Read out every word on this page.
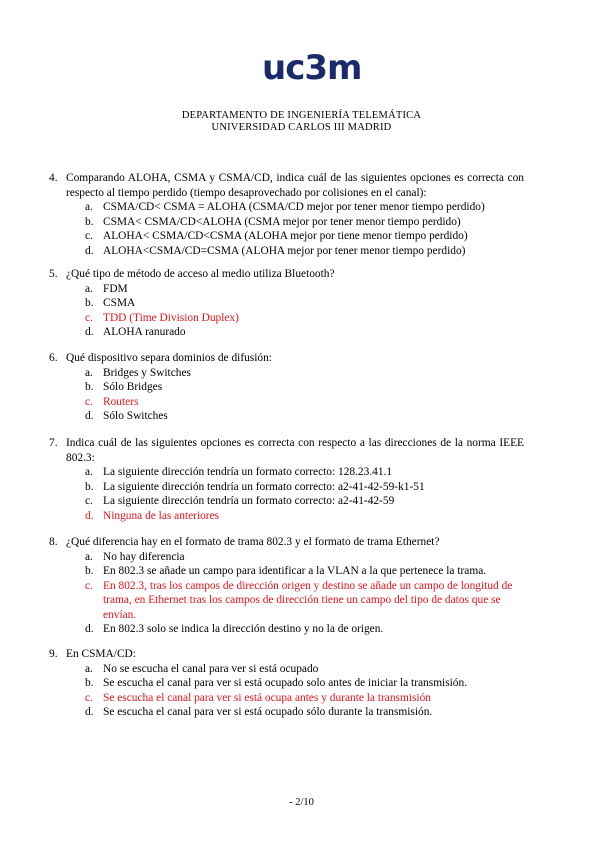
uc3m
DEPARTAMENTO DE INGENIERÍA TELEMÁTICA
UNIVERSIDAD CARLOS III MADRID
4. Comparando ALOHA, CSMA y CSMA/CD, indica cuál de las siguientes opciones es correcta con respecto al tiempo perdido (tiempo desaprovechado por colisiones en el canal):
a. CSMA/CD< CSMA = ALOHA (CSMA/CD mejor por tener menor tiempo perdido)
b. CSMA< CSMA/CD<ALOHA (CSMA mejor por tener menor tiempo perdido)
c. ALOHA< CSMA/CD<CSMA (ALOHA mejor por tiene menor tiempo perdido)
d. ALOHA<CSMA/CD=CSMA (ALOHA mejor por tener menor tiempo perdido)
5. ¿Qué tipo de método de acceso al medio utiliza Bluetooth?
a. FDM
b. CSMA
c. TDD (Time Division Duplex)
d. ALOHA ranurado
6. Qué dispositivo separa dominios de difusión:
a. Bridges y Switches
b. Sólo Bridges
c. Routers
d. Sólo Switches
7. Indica cuál de las siguientes opciones es correcta con respecto a las direcciones de la norma IEEE 802.3:
a. La siguiente dirección tendría un formato correcto: 128.23.41.1
b. La siguiente dirección tendría un formato correcto: a2-41-42-59-k1-51
c. La siguiente dirección tendría un formato correcto: a2-41-42-59
d. Ninguna de las anteriores
8. ¿Qué diferencia hay en el formato de trama 802.3 y el formato de trama Ethernet?
a. No hay diferencia
b. En 802.3 se añade un campo para identificar a la VLAN a la que pertenece la trama.
c. En 802.3, tras los campos de dirección origen y destino se añade un campo de longitud de trama, en Ethernet tras los campos de dirección tiene un campo del tipo de datos que se envían.
d. En 802.3 solo se indica la dirección destino y no la de origen.
9. En CSMA/CD:
a. No se escucha el canal para ver si está ocupado
b. Se escucha el canal para ver si está ocupado solo antes de iniciar la transmisión.
c. Se escucha el canal para ver si está ocupa antes y durante la transmisión
d. Se escucha el canal para ver si está ocupado sólo durante la transmisión.
- 2/10
